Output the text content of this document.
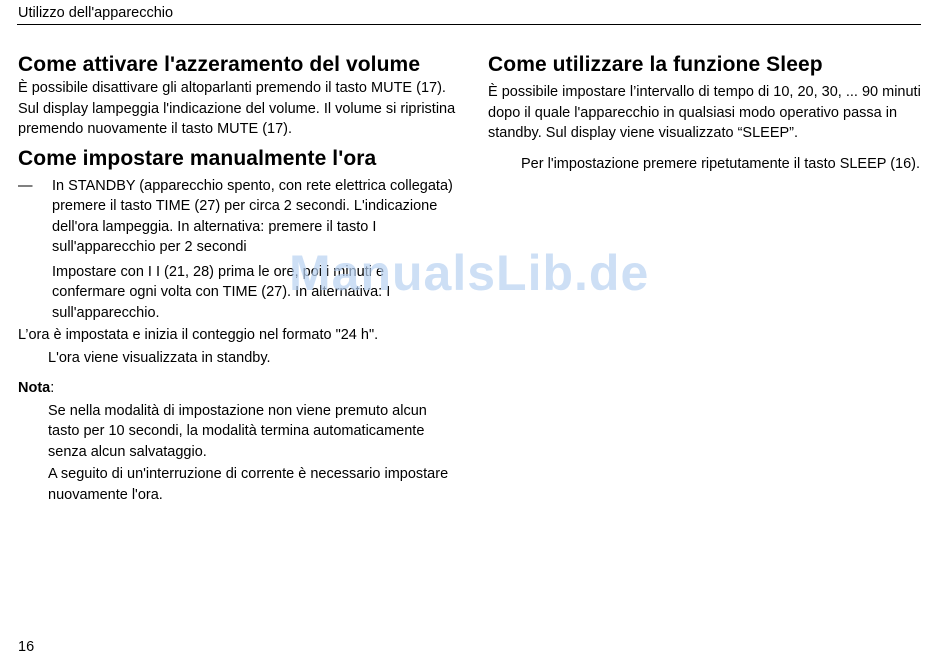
Utilizzo dell'apparecchio
Come attivare l'azzeramento del volume

È possibile disattivare gli altoparlanti premendo il tasto MUTE (17). Sul display lampeggia l'indicazione del volume. Il volume si ripristina premendo nuovamente il tasto MUTE (17).

Come impostare manualmente l'ora
— In STANDBY (apparecchio spento, con rete elettrica collegata) premere il tasto TIME (27) per circa 2 secondi. L'indicazione dell'ora lampeggia. In alternativa: premere il tasto I sull'apparecchio per 2 secondi

Impostare con I I (21, 28) prima le ore, poi i minuti e confermare ogni volta con TIME (27). In alternativa: I sull'apparecchio.

L’ora è impostata e inizia il conteggio nel formato "24 h".

L'ora viene visualizzata in standby.

Nota:

Se nella modalità di impostazione non viene premuto alcun tasto per 10 secondi, la modalità termina automaticamente senza alcun salvataggio.

A seguito di un'interruzione di corrente è necessario impostare nuovamente l'ora.

Come utilizzare la funzione Sleep

È possibile impostare l’intervallo di tempo di 10, 20, 30, ... 90 minuti dopo il quale l'apparecchio in qualsiasi modo operativo passa in standby. Sul display viene visualizzato “SLEEP”.

Per l'impostazione premere ripetutamente il tasto SLEEP (16).

ManualsLib.de
16
